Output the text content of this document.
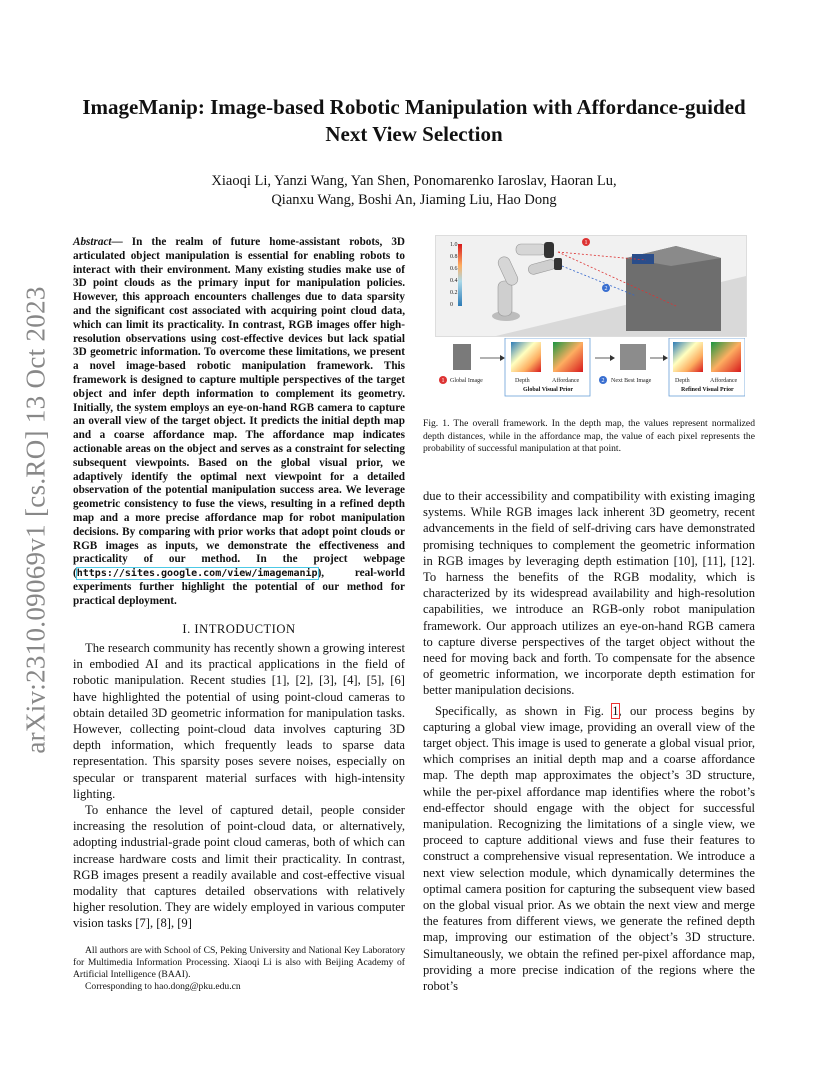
arXiv:2310.09069v1 [cs.RO] 13 Oct 2023
ImageManip: Image-based Robotic Manipulation with Affordance-guided
Next View Selection
Xiaoqi Li, Yanzi Wang, Yan Shen, Ponomarenko Iaroslav, Haoran Lu,
Qianxu Wang, Boshi An, Jiaming Liu, Hao Dong

Abstract— In the realm of future home-assistant robots, 3D articulated object manipulation is essential for enabling robots to interact with their environment. Many existing studies make use of 3D point clouds as the primary input for manipulation policies. However, this approach encounters challenges due to data sparsity and the significant cost associated with acquiring point cloud data, which can limit its practicality. In contrast, RGB images offer high-resolution observations using cost-effective devices but lack spatial 3D geometric information. To overcome these limitations, we present a novel image-based robotic manipulation framework. This framework is designed to capture multiple perspectives of the target object and infer depth information to complement its geometry. Initially, the system employs an eye-on-hand RGB camera to capture an overall view of the target object. It predicts the initial depth map and a coarse affordance map. The affordance map indicates actionable areas on the object and serves as a constraint for selecting subsequent viewpoints. Based on the global visual prior, we adaptively identify the optimal next viewpoint for a detailed observation of the potential manipulation success area. We leverage geometric consistency to fuse the views, resulting in a refined depth map and a more precise affordance map for robot manipulation decisions. By comparing with prior works that adopt point clouds or RGB images as inputs, we demonstrate the effectiveness and practicality of our method. In the project webpage (https://sites.google.com/view/imagemanip), real-world experiments further highlight the potential of our method for practical deployment.

I. INTRODUCTION

The research community has recently shown a growing interest in embodied AI and its practical applications in the field of robotic manipulation. Recent studies [1], [2], [3], [4], [5], [6] have highlighted the potential of using point-cloud cameras to obtain detailed 3D geometric information for manipulation tasks. However, collecting point-cloud data involves capturing 3D depth information, which frequently leads to sparse data representation. This sparsity poses severe noises, especially on specular or transparent material surfaces with high-intensity lighting.

To enhance the level of captured detail, people consider increasing the resolution of point-cloud data, or alternatively, adopting industrial-grade point cloud cameras, both of which can increase hardware costs and limit their practicality. In contrast, RGB images present a readily available and cost-effective visual modality that captures detailed observations with relatively higher resolution. They are widely employed in various computer vision tasks [7], [8], [9]

All authors are with School of CS, Peking University and National Key Laboratory for Multimedia Information Processing. Xiaoqi Li is also with Beijing Academy of Artificial Intelligence (BAAI).

Corresponding to hao.dong@pku.edu.cn

1.0
0.8
0.6
0.4
0.2
0
1
2
1 Global Image	Depth	Affordance
Global Visual Prior
2 Next Best Image	Depth	Affordance
Refined Visual Prior
Fig. 1. The overall framework. In the depth map, the values represent normalized depth distances, while in the affordance map, the value of each pixel represents the probability of successful manipulation at that point.

due to their accessibility and compatibility with existing imaging systems. While RGB images lack inherent 3D geometry, recent advancements in the field of self-driving cars have demonstrated promising techniques to complement the geometric information in RGB images by leveraging depth estimation [10], [11], [12]. To harness the benefits of the RGB modality, which is characterized by its widespread availability and high-resolution capabilities, we introduce an RGB-only robot manipulation framework. Our approach utilizes an eye-on-hand RGB camera to capture diverse perspectives of the target object without the need for moving back and forth. To compensate for the absence of geometric information, we incorporate depth estimation for better manipulation decisions.

Specifically, as shown in Fig. 1, our process begins by capturing a global view image, providing an overall view of the target object. This image is used to generate a global visual prior, which comprises an initial depth map and a coarse affordance map. The depth map approximates the object’s 3D structure, while the per-pixel affordance map identifies where the robot’s end-effector should engage with the object for successful manipulation. Recognizing the limitations of a single view, we proceed to capture additional views and fuse their features to construct a comprehensive visual representation. We introduce a next view selection module, which dynamically determines the optimal camera position for capturing the subsequent view based on the global visual prior. As we obtain the next view and merge the features from different views, we generate the refined depth map, improving our estimation of the object’s 3D structure. Simultaneously, we obtain the refined per-pixel affordance map, providing a more precise indication of the regions where the robot’s
